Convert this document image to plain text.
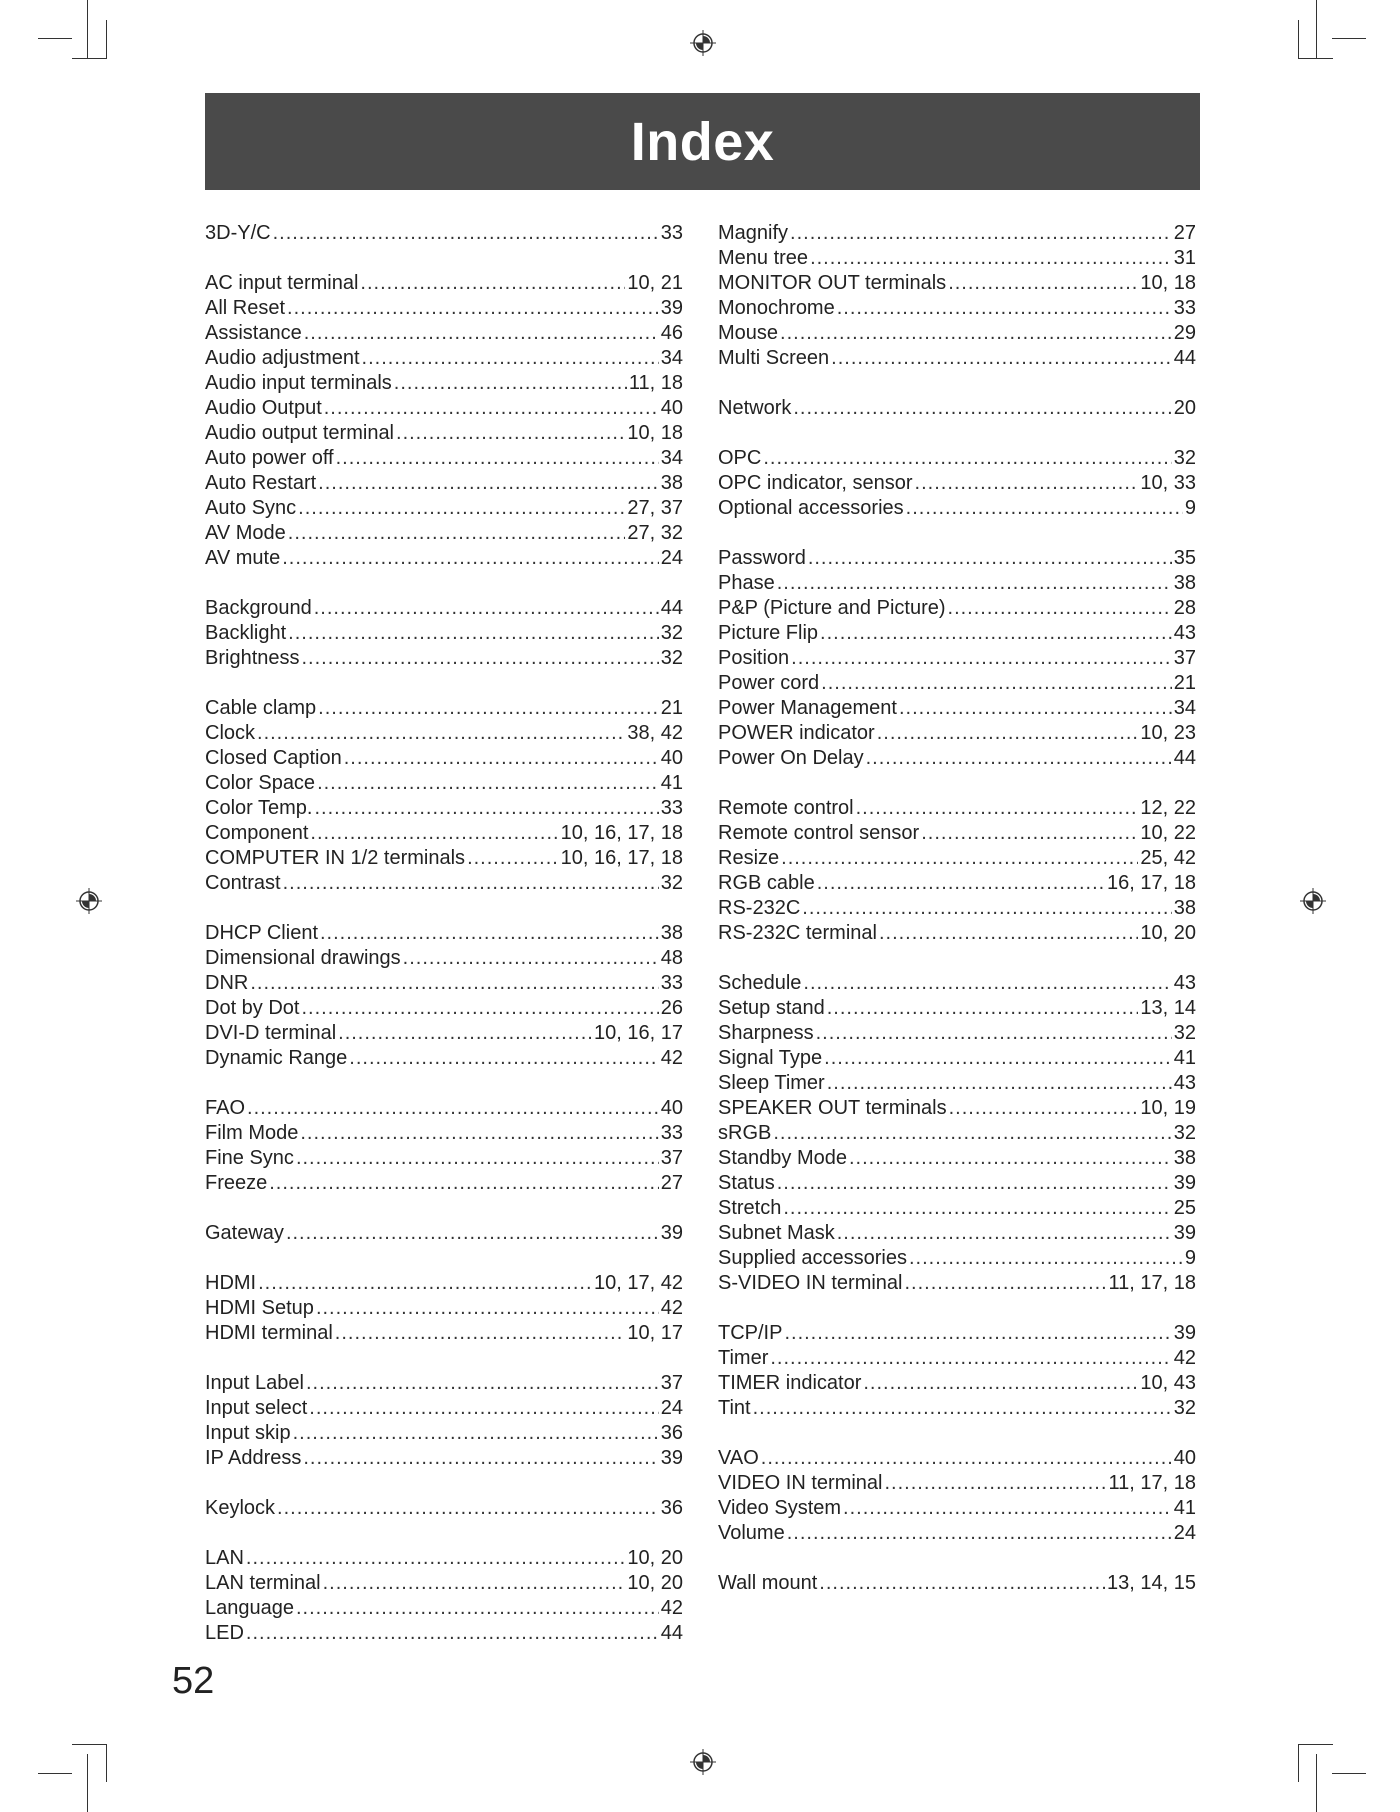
Index
3D-Y/C .....	33
AC input terminal .....	10, 21
All Reset .....	39
Assistance .....	46
Audio adjustment .....	34
Audio input terminals .....	11, 18
Audio Output .....	40
Audio output terminal .....	10, 18
Auto power off .....	34
Auto Restart .....	38
Auto Sync .....	27, 37
AV Mode .....	27, 32
AV mute .....	24
Background .....	44
Backlight .....	32
Brightness .....	32
Cable clamp .....	21
Clock .....	38, 42
Closed Caption .....	40
Color Space .....	41
Color Temp. .....	33
Component .....	10, 16, 17, 18
COMPUTER IN 1/2 terminals .....	10, 16, 17, 18
Contrast .....	32
DHCP Client .....	38
Dimensional drawings .....	48
DNR .....	33
Dot by Dot .....	26
DVI-D terminal .....	10, 16, 17
Dynamic Range .....	42
FAO .....	40
Film Mode .....	33
Fine Sync .....	37
Freeze .....	27
Gateway .....	39
HDMI .....	10, 17, 42
HDMI Setup .....	42
HDMI terminal .....	10, 17
Input Label .....	37
Input select .....	24
Input skip .....	36
IP Address .....	39
Keylock .....	36
LAN .....	10, 20
LAN terminal .....	10, 20
Language .....	42
LED .....	44
Magnify .....	27
Menu tree .....	31
MONITOR OUT terminals .....	10, 18
Monochrome .....	33
Mouse .....	29
Multi Screen .....	44
Network .....	20
OPC .....	32
OPC indicator, sensor .....	10, 33
Optional accessories .....	9
Password .....	35
Phase .....	38
P&P (Picture and Picture) .....	28
Picture Flip .....	43
Position .....	37
Power cord .....	21
Power Management .....	34
POWER indicator .....	10, 23
Power On Delay .....	44
Remote control .....	12, 22
Remote control sensor .....	10, 22
Resize .....	25, 42
RGB cable .....	16, 17, 18
RS-232C .....	38
RS-232C terminal .....	10, 20
Schedule .....	43
Setup stand .....	13, 14
Sharpness .....	32
Signal Type .....	41
Sleep Timer .....	43
SPEAKER OUT terminals .....	10, 19
sRGB .....	32
Standby Mode .....	38
Status .....	39
Stretch .....	25
Subnet Mask .....	39
Supplied accessories .....	9
S-VIDEO IN terminal .....	11, 17, 18
TCP/IP .....	39
Timer .....	42
TIMER indicator .....	10, 43
Tint .....	32
VAO .....	40
VIDEO IN terminal .....	11, 17, 18
Video System .....	41
Volume .....	24
Wall mount .....	13, 14, 15
52
